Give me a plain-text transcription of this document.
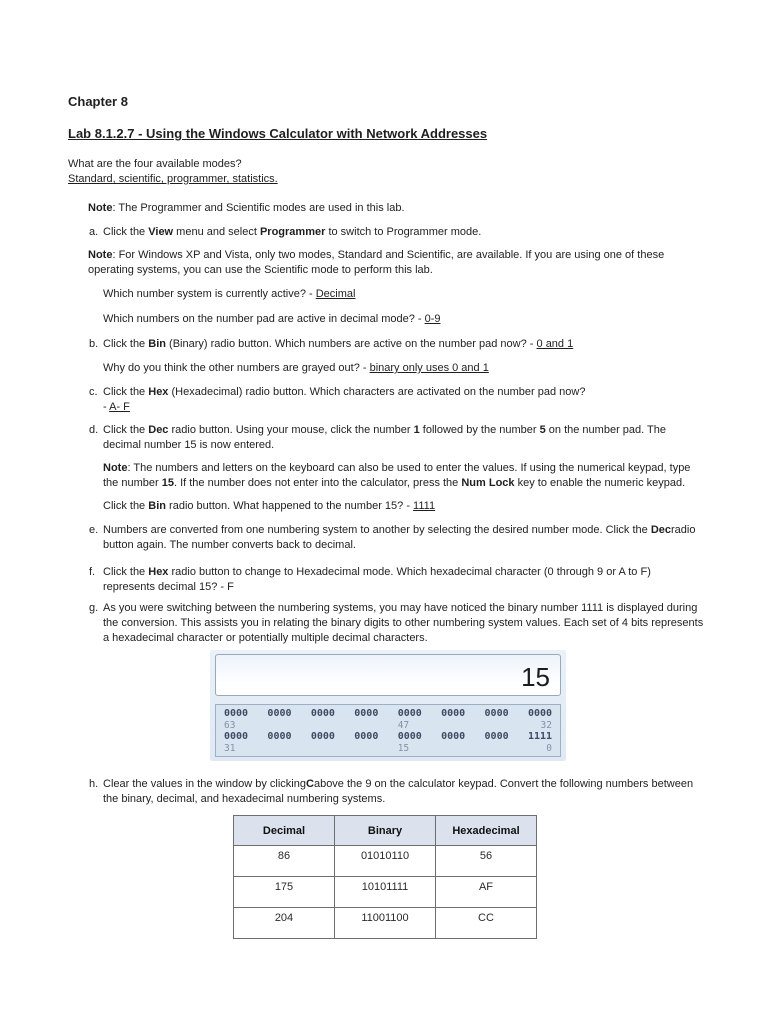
Chapter 8
Lab 8.1.2.7 - Using the Windows Calculator with Network Addresses
What are the four available modes?
Standard, scientific, programmer, statistics.
Note: The Programmer and Scientific modes are used in this lab.
a. Click the View menu and select Programmer to switch to Programmer mode.
Note: For Windows XP and Vista, only two modes, Standard and Scientific, are available. If you are using one of these operating systems, you can use the Scientific mode to perform this lab.
Which number system is currently active? - Decimal
Which numbers on the number pad are active in decimal mode? - 0-9
b. Click the Bin (Binary) radio button. Which numbers are active on the number pad now? - 0 and 1
Why do you think the other numbers are grayed out? - binary only uses 0 and 1
c. Click the Hex (Hexadecimal) radio button. Which characters are activated on the number pad now?
- A- F
d. Click the Dec radio button. Using your mouse, click the number 1 followed by the number 5 on the number pad. The decimal number 15 is now entered.
Note: The numbers and letters on the keyboard can also be used to enter the values. If using the numerical keypad, type the number 15. If the number does not enter into the calculator, press the Num Lock key to enable the numeric keypad.
Click the Bin radio button. What happened to the number 15? - 1111
e. Numbers are converted from one numbering system to another by selecting the desired number mode. Click the Decradio button again. The number converts back to decimal.
f. Click the Hex radio button to change to Hexadecimal mode. Which hexadecimal character (0 through 9 or A to F) represents decimal 15? - F
g. As you were switching between the numbering systems, you may have noticed the binary number 1111 is displayed during the conversion. This assists you in relating the binary digits to other numbering system values. Each set of 4 bits represents a hexadecimal character or potentially multiple decimal characters.
15
0000 0000 0000 0000 0000 0000 0000 0000
63	47	32
0000 0000 0000 0000 0000 0000 0000 1111
31	15	0
h. Clear the values in the window by clickingCabove the 9 on the calculator keypad. Convert the following numbers between the binary, decimal, and hexadecimal numbering systems.
Decimal	Binary	Hexadecimal
86	01010110	56
175	10101111	AF
204	11001100	CC
